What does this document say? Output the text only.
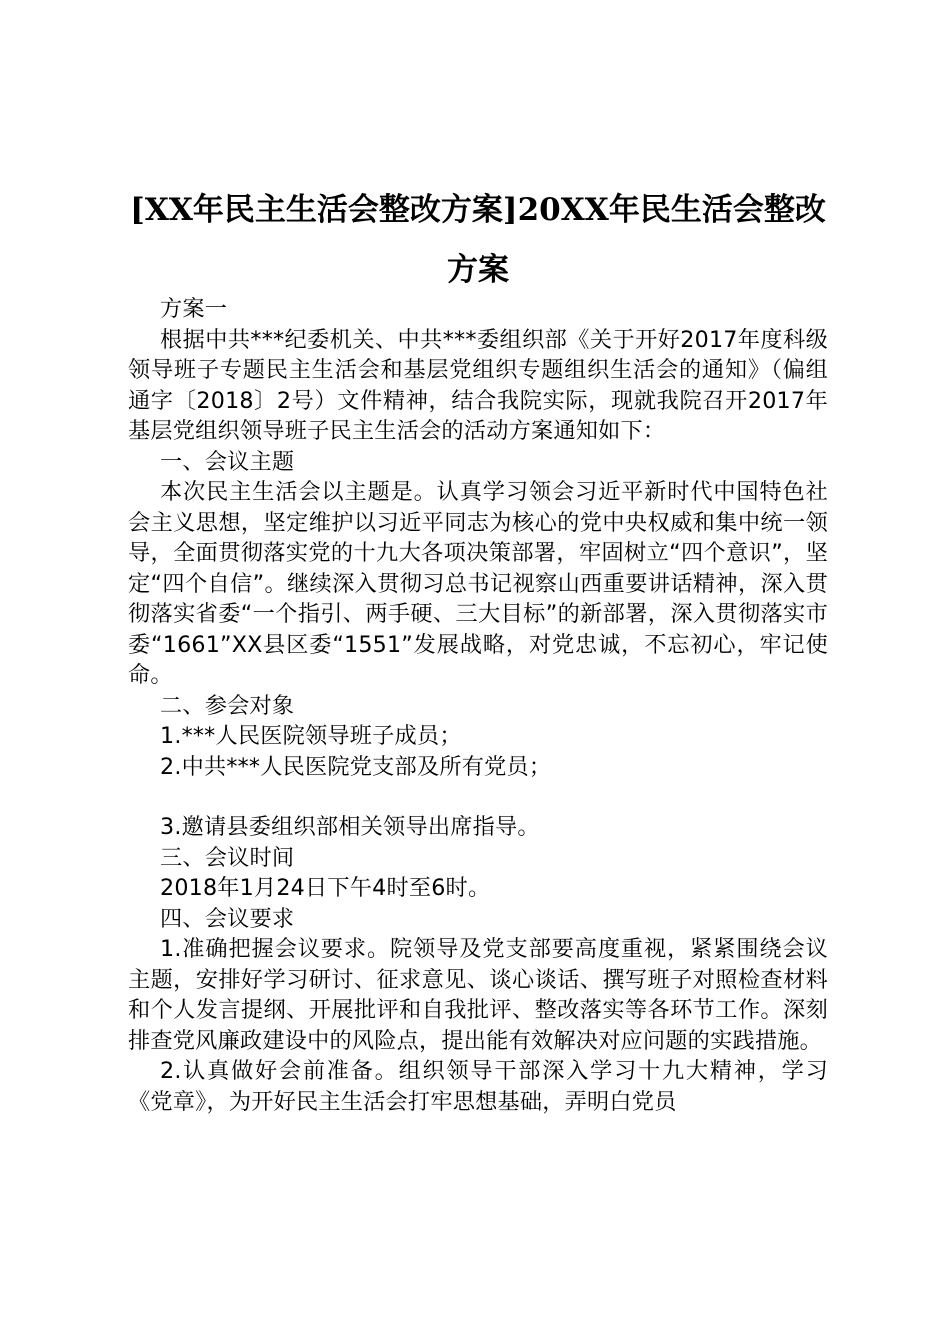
[XX年民主生活会整改方案]20XX年民生活会整改方案

方案一

根据中共***纪委机关、中共***委组织部《关于开好2017年度科级领导班子专题民主生活会和基层党组织专题组织生活会的通知》（偏组通字〔2018〕2号）文件精神，结合我院实际，现就我院召开2017年基层党组织领导班子民主生活会的活动方案通知如下：

一、会议主题

本次民主生活会以主题是。认真学习领会习近平新时代中国特色社会主义思想，坚定维护以习近平同志为核心的党中央权威和集中统一领导，全面贯彻落实党的十九大各项决策部署，牢固树立“四个意识”，坚定“四个自信”。继续深入贯彻习总书记视察山西重要讲话精神，深入贯彻落实省委“一个指引、两手硬、三大目标”的新部署，深入贯彻落实市委“1661”XX县区委“1551”发展战略，对党忠诚，不忘初心，牢记使命。

二、参会对象

1.***人民医院领导班子成员；

2.中共***人民医院党支部及所有党员；

3.邀请县委组织部相关领导出席指导。

三、会议时间

2018年1月24日下午4时至6时。

四、会议要求

1.准确把握会议要求。院领导及党支部要高度重视，紧紧围绕会议主题，安排好学习研讨、征求意见、谈心谈话、撰写班子对照检查材料和个人发言提纲、开展批评和自我批评、整改落实等各环节工作。深刻排查党风廉政建设中的风险点，提出能有效解决对应问题的实践措施。

2.认真做好会前准备。组织领导干部深入学习十九大精神，学习《党章》，为开好民主生活会打牢思想基础，弄明白党员
